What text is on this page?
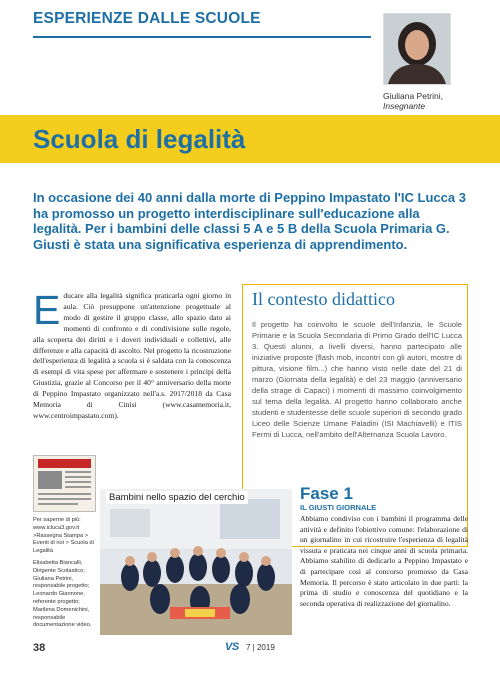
ESPERIENZE DALLE SCUOLE
Giuliana Petrini,
Insegnante
Scuola di legalità
In occasione dei 40 anni dalla morte di Peppino Impastato l'IC Lucca 3 ha promosso un progetto interdisciplinare sull'educazione alla legalità. Per i bambini delle classi 5 A e 5 B della Scuola Primaria G. Giusti è stata una significativa esperienza di apprendimento.
Educare alla legalità significa praticarla ogni giorno in aula. Ciò presuppone un'attenzione progettuale al modo di gestire il gruppo classe, allo spazio dato ai momenti di confronto e di condivisione sulle regole, alla scoperta dei diritti e i doveri individuali e collettivi, alle differenze e alla capacità di ascolto. Nel progetto la ricostruzione dell'esperienza di legalità a scuola si è saldata con la conoscenza di esempi di vita spese per affermare e sostenere i principi della Giustizia, grazie al Concorso per il 40° anniversario della morte di Peppino Impastato organizzato nell'a.s. 2017/2018 da Casa Memoria di Cinisi (www.casamemoria.it, www.centroimpastato.com).
Il contesto didattico
Il progetto ha coinvolto le scuole dell'Infanzia, le Scuole Primarie e la Scuola Secondaria di Primo Grado dell'IC Lucca 3. Questi alunni, a livelli diversi, hanno partecipato alle iniziative proposte (flash mob, incontri con gli autori, mostre di pittura, visione film...) che hanno visto nelle date del 21 di marzo (Giornata della legalità) e del 23 maggio (anniversario della strage di Capaci) i momenti di massimo coinvolgimento sul tema della legalità. Al progetto hanno collaborato anche studenti e studentesse delle scuole superiori di secondo grado Liceo delle Scienze Umane Paladini (ISI Machiavelli) e ITIS Fermi di Lucca, nell'ambito dell'Alternanza Scuola Lavoro.
Per saperne di più: www.icluca3.gov.it >Rassegna Stampa > Eventi di noi > Scuola di Legalità
Elisabetta Biancalli, Dirigente Scolastico; Giuliana Petrini, responsabile progetto; Leonardo Giannone, referente progetto; Marilena Domenichini, responsabile documentazione video.
Bambini nello spazio del cerchio	Fase 1
IL GIUSTI GIORNALE
Abbiamo condiviso con i bambini il programma delle attività e definito l'obiettivo comune: l'elaborazione di un giornalino in cui ricostruire l'esperienza di legalità vissuta e praticata nei cinque anni di scuola primaria. Abbiamo stabilito di dedicarlo a Peppino Impastato e di partecipare così al concorso promosso da Casa Memoria. Il percorso è stato articolato in due parti: la prima di studio e conoscenza del quotidiano e la seconda operativa di realizzazione del giornalino.
38	VS 7 | 2019
